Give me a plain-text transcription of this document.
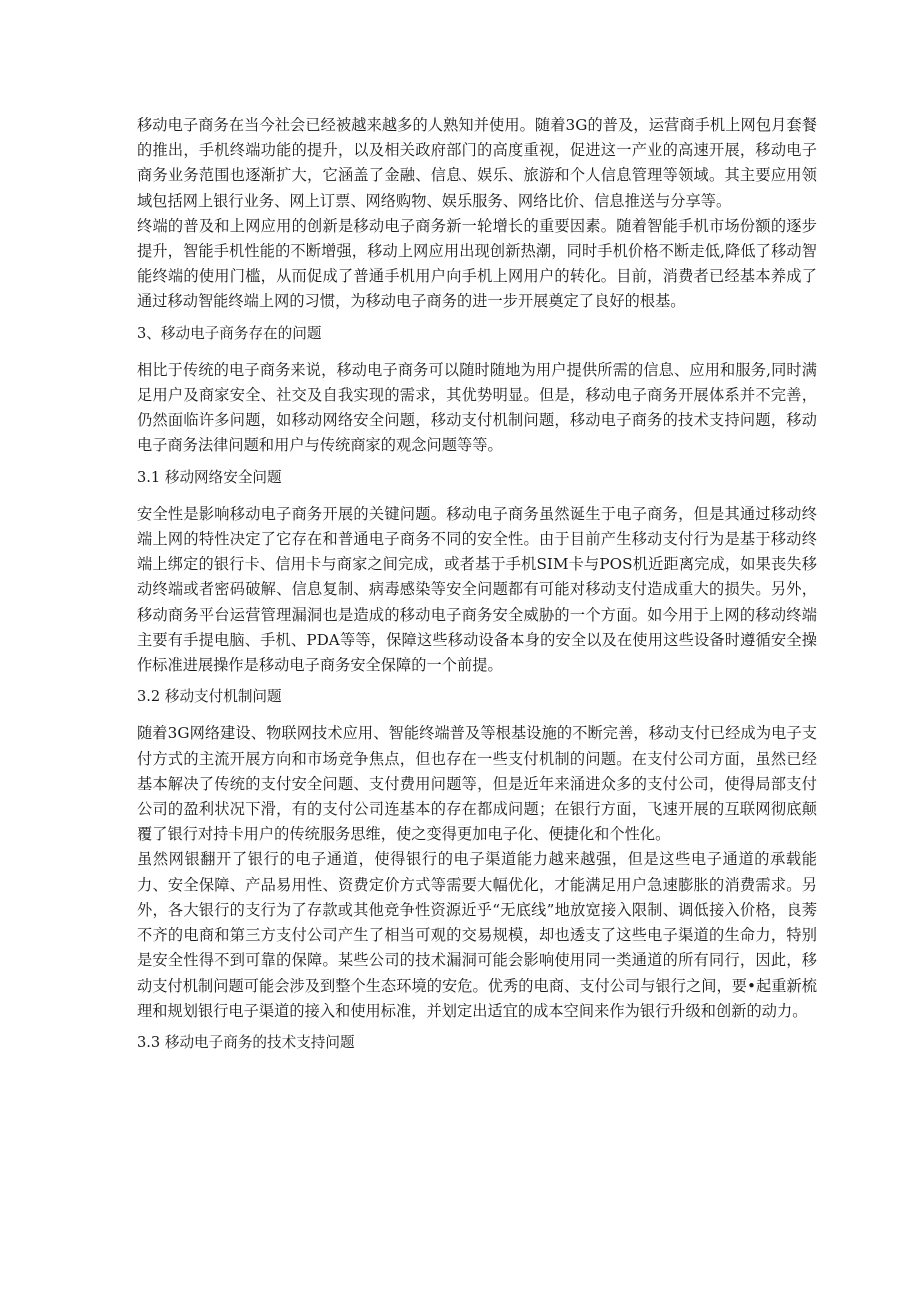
移动电子商务在当今社会已经被越来越多的人熟知并使用。随着3G的普及，运营商手机上网包月套餐的推出，手机终端功能的提升，以及相关政府部门的高度重视，促进这一产业的高速开展，移动电子商务业务范围也逐渐扩大，它涵盖了金融、信息、娱乐、旅游和个人信息管理等领域。其主要应用领域包括网上银行业务、网上订票、网络购物、娱乐服务、网络比价、信息推送与分享等。

终端的普及和上网应用的创新是移动电子商务新一轮增长的重要因素。随着智能手机市场份额的逐步提升，智能手机性能的不断增强，移动上网应用出现创新热潮，同时手机价格不断走低,降低了移动智能终端的使用门槛，从而促成了普通手机用户向手机上网用户的转化。目前，消费者已经基本养成了通过移动智能终端上网的习惯，为移动电子商务的进一步开展奠定了良好的根基。

3、移动电子商务存在的问题

相比于传统的电子商务来说，移动电子商务可以随时随地为用户提供所需的信息、应用和服务,同时满足用户及商家安全、社交及自我实现的需求，其优势明显。但是，移动电子商务开展体系并不完善，仍然面临许多问题，如移动网络安全问题，移动支付机制问题，移动电子商务的技术支持问题，移动电子商务法律问题和用户与传统商家的观念问题等等。

3.1 移动网络安全问题

安全性是影响移动电子商务开展的关键问题。移动电子商务虽然诞生于电子商务，但是其通过移动终端上网的特性决定了它存在和普通电子商务不同的安全性。由于目前产生移动支付行为是基于移动终端上绑定的银行卡、信用卡与商家之间完成，或者基于手机SIM卡与POS机近距离完成，如果丧失移动终端或者密码破解、信息复制、病毒感染等安全问题都有可能对移动支付造成重大的损失。另外，移动商务平台运营管理漏洞也是造成的移动电子商务安全威胁的一个方面。如今用于上网的移动终端主要有手提电脑、手机、PDA等等，保障这些移动设备本身的安全以及在使用这些设备时遵循安全操作标准进展操作是移动电子商务安全保障的一个前提。

3.2 移动支付机制问题

随着3G网络建设、物联网技术应用、智能终端普及等根基设施的不断完善，移动支付已经成为电子支付方式的主流开展方向和市场竞争焦点，但也存在一些支付机制的问题。在支付公司方面，虽然已经基本解决了传统的支付安全问题、支付费用问题等，但是近年来涌进众多的支付公司，使得局部支付公司的盈利状况下滑，有的支付公司连基本的存在都成问题；在银行方面，飞速开展的互联网彻底颠覆了银行对持卡用户的传统服务思维，使之变得更加电子化、便捷化和个性化。

虽然网银翻开了银行的电子通道，使得银行的电子渠道能力越来越强，但是这些电子通道的承载能力、安全保障、产品易用性、资费定价方式等需要大幅优化，才能满足用户急速膨胀的消费需求。另外，各大银行的支行为了存款或其他竞争性资源近乎“无底线”地放宽接入限制、调低接入价格，良莠不齐的电商和第三方支付公司产生了相当可观的交易规模，却也透支了这些电子渠道的生命力，特别是安全性得不到可靠的保障。某些公司的技术漏洞可能会影响使用同一类通道的所有同行，因此，移动支付机制问题可能会涉及到整个生态环境的安危。优秀的电商、支付公司与银行之间，要•起重新梳理和规划银行电子渠道的接入和使用标准，并划定出适宜的成本空间来作为银行升级和创新的动力。

3.3 移动电子商务的技术支持问题
